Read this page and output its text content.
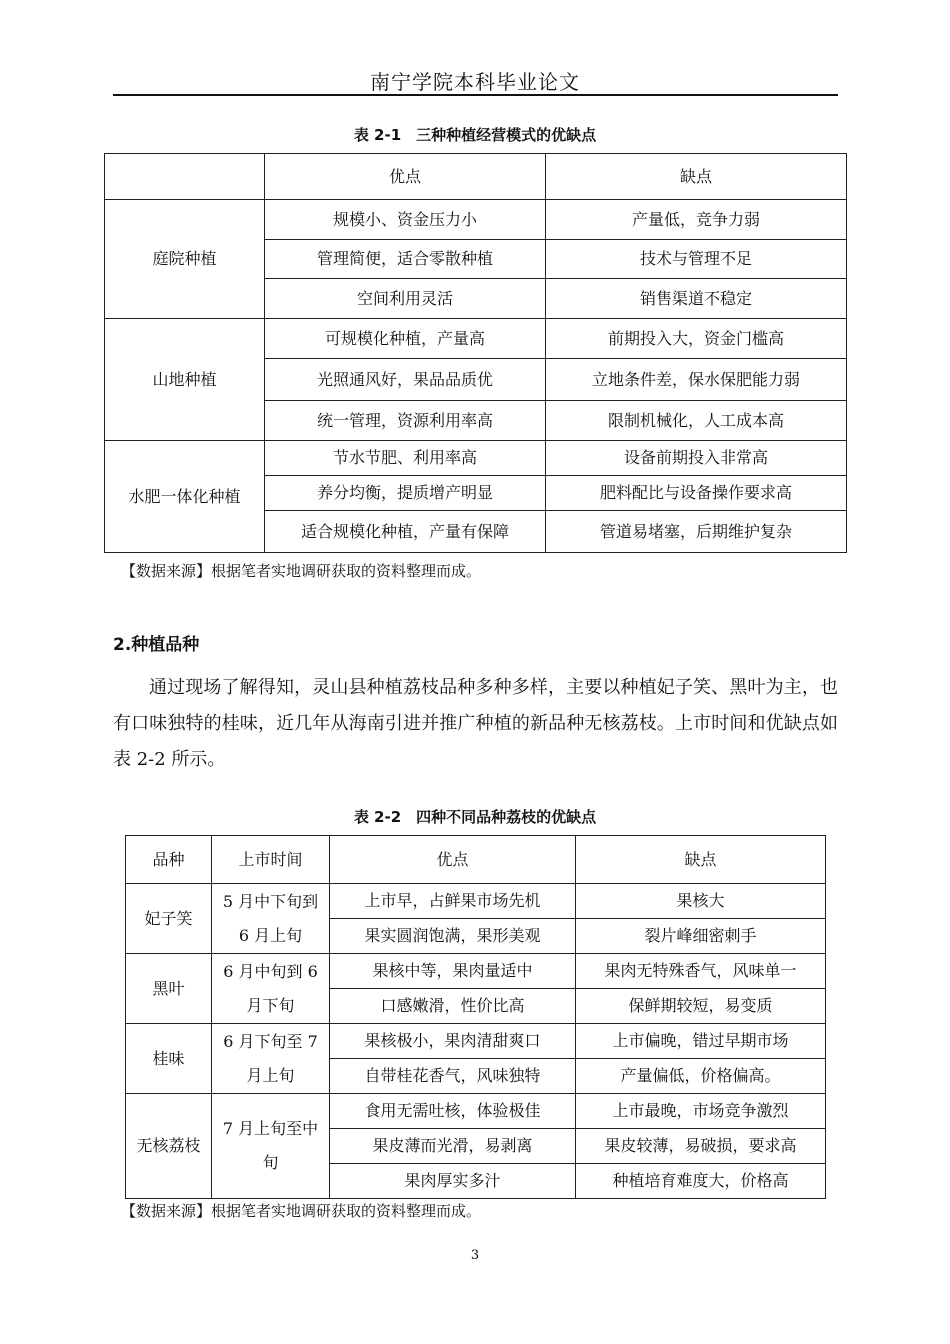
南宁学院本科毕业论文
表 2-1　三种种植经营模式的优缺点
	优点	缺点
庭院种植	规模小、资金压力小	产量低，竞争力弱
	管理简便，适合零散种植	技术与管理不足
	空间利用灵活	销售渠道不稳定
山地种植	可规模化种植，产量高	前期投入大，资金门槛高
	光照通风好，果品品质优	立地条件差，保水保肥能力弱
	统一管理，资源利用率高	限制机械化，人工成本高
水肥一体化种植	节水节肥、利用率高	设备前期投入非常高
	养分均衡，提质增产明显	肥料配比与设备操作要求高
	适合规模化种植，产量有保障	管道易堵塞，后期维护复杂
【数据来源】根据笔者实地调研获取的资料整理而成。
2.种植品种

通过现场了解得知，灵山县种植荔枝品种多种多样，主要以种植妃子笑、黑叶为主，也有口味独特的桂味，近几年从海南引进并推广种植的新品种无核荔枝。上市时间和优缺点如表 2-2 所示。

表 2-2　四种不同品种荔枝的优缺点
品种	上市时间	优点	缺点
妃子笑	5 月中下旬到 6 月上旬	上市早，占鲜果市场先机	果核大
		果实圆润饱满，果形美观	裂片峰细密刺手
黑叶	6 月中旬到 6 月下旬	果核中等，果肉量适中	果肉无特殊香气，风味单一
		口感嫩滑，性价比高	保鲜期较短，易变质
桂味	6 月下旬至 7 月上旬	果核极小，果肉清甜爽口	上市偏晚，错过早期市场
		自带桂花香气，风味独特	产量偏低，价格偏高。
无核荔枝	7 月上旬至中旬	食用无需吐核，体验极佳	上市最晚，市场竞争激烈
		果皮薄而光滑，易剥离	果皮较薄，易破损，要求高
		果肉厚实多汁	种植培育难度大，价格高
【数据来源】根据笔者实地调研获取的资料整理而成。
3
